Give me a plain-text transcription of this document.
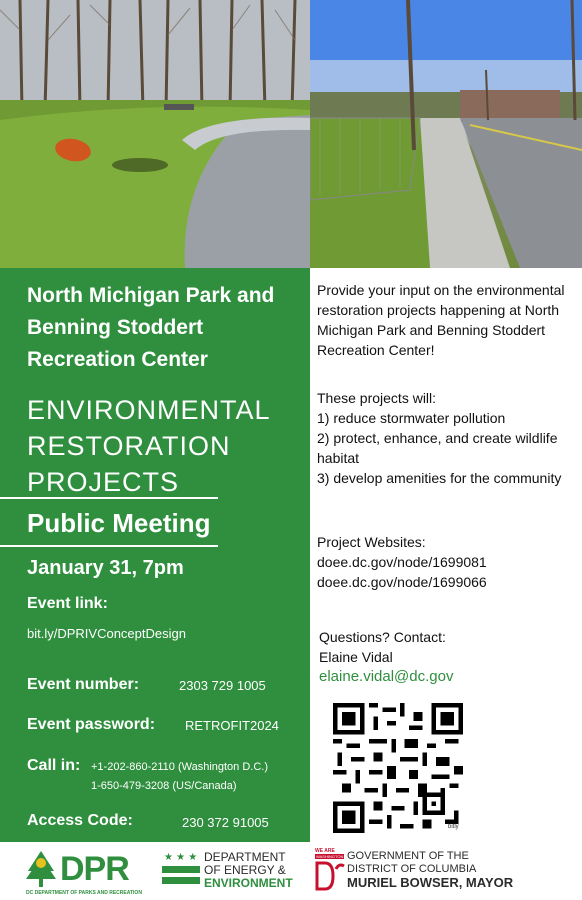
North Michigan Park and Benning Stoddert Recreation Center
ENVIRONMENTAL RESTORATION PROJECTS
Public Meeting
January 31, 7pm
Event link:
bit.ly/DPRIVConceptDesign
Event number:	2303 729 1005
Event password: RETROFIT2024
Call in: +1-202-860-2110 (Washington D.C.)
1-650-479-3208 (US/Canada)
Access Code:	230 372 91005
Provide your input on the environmental restoration projects happening at North Michigan Park and Benning Stoddert Recreation Center!
These projects will:
1) reduce stormwater pollution
2) protect, enhance, and create wildlife habitat
3) develop amenities for the community
Project Websites:
doee.dc.gov/node/1699081
doee.dc.gov/node/1699066
Questions? Contact:
Elaine Vidal
elaine.vidal@dc.gov
bitly
DPR
DC DEPARTMENT OF PARKS AND RECREATION
★ ★ ★ DEPARTMENT
OF ENERGY &
ENVIRONMENT
WE ARE
WASHINGTON GOVERNMENT OF THE
DISTRICT OF COLUMBIA
MURIEL BOWSER, MAYOR
